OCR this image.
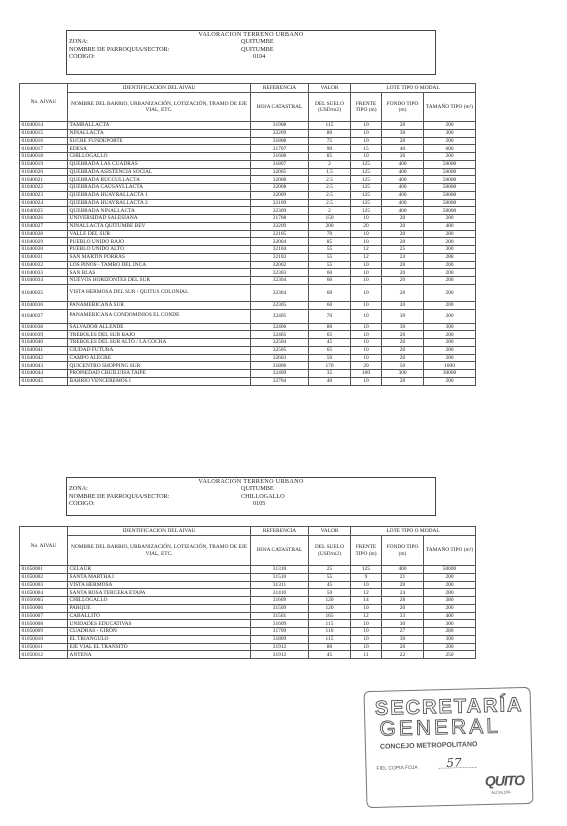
VALORACION TERRENO URBANO
ZONA:	QUITUMBE
NOMBRE DE PARROQUIA/SECTOR:	QUITUMBE
CODIGO:	0104
No. AIVAU	IDENTIFICACION DEL AIVAU	REFERENCIA	VALOR	LOTE TIPO O MODAL		
	NOMBRE DEL BARRIO, URBANIZACIÓN, LOTIZACIÓN, TRAMO DE EJE VIAL, ETC.	HOJA CATASTRAL	DEL SUELO (USD/m2)	FRENTE TIPO (m)	FONDO TIPO (m)	TAMAÑO TIPO (m²)
01040014	TAMBALLACTA	31908	115	10	20	200
01040015	NINALLACTA	32209	80	10	30	300
01040016	SUCRE FUNDEPORTE	31808	75	10	20	200
01040017	EDESA	31707	90	15	40	600
01040018	CHILLOGALLO	31608	85	10	20	200
01040019	QUEBRADA LAS CUADRAS	31807	2	125	400	50000
01040020	QUEBRADA ASISTENCIA SOCIAL	32005	1.5	125	400	50000
01040021	QUEBRADA RUCCULLACTA	32008	2.5	125	400	50000
01040022	QUEBRADA CAUSAYLLACTA	32008	2.5	125	400	50000
01040023	QUEBRADA HUAYRALLACTA 1	32009	2.5	125	400	50000
01040024	QUEBRADA HUAYRALLACTA 2	32109	2.5	125	400	50000
01040025	QUEBRADA NINALLACTA	32309	2	125	400	50000
01040026	UNIVERSIDAD SALESIANA	31708	150	10	20	200
01040027	NINALLACTA QUITUMBE BEV	32209	200	20	20	400
01040028	VALLE DEL SUR	32105	70	10	20	200
01040029	PUEBLO UNIDO BAJO	32004	85	10	20	200
01040030	PUEBLO UNIDO ALTO	32104	55	12	25	300
01040031	SAN MARTIN PORRAS	32103	55	12	24	288
01040032	LOS PINOS - TAMBO DEL INCA	32002	55	10	20	200
01040033	SAN BLAS	32303	60	10	20	200
01040034	NUEVOS HORIZONTES DEL SUR	32304	60	10	20	200
01040035	VISTA HERMOSA DEL SUR / QUITUS COLONIAL	32304	60	10	20	200
01040036	PANAMERICANA SUR	32305	60	10	20	200
01040037	PANAMERICANA CONDOMINIOS EL CONDE	32405	70	10	30	300
01040038	SALVADOR ALLENDE	32406	80	10	30	300
01040039	TREBOLES DEL SUR BAJO	32405	65	10	20	200
01040040	TREBOLES DEL SUR ALTO / LA COCHA	32504	45	10	20	200
01040041	CIUDAD FUTURA	32505	65	10	20	200
01040042	CAMPO ALEGRE	32603	50	10	20	200
01040043	QUICENTRO SHOPPING SUR	31806	170	20	50	1000
01040044	PROPIEDAD CHUILUISA TAIPE	32409	35	100	300	30000
01040045	BARRIO VENCEREMOS I	32704	40	10	20	200
VALORACION TERRENO URBANO
ZONA:	QUITUMBE
NOMBRE DE PARROQUIA/SECTOR:	CHILLOGALLO
CODIGO:	0105
No. AIVAU	IDENTIFICACION DEL AIVAU	REFERENCIA	VALOR	LOTE TIPO O MODAL		
	NOMBRE DEL BARRIO, URBANIZACIÓN, LOTIZACIÓN, TRAMO DE EJE VIAL, ETC.	HOJA CATASTRAL	DEL SUELO (USD/m2)	FRENTE TIPO (m)	FONDO TIPO (m)	TAMAÑO TIPO (m²)
01050001	CELAUR	31310	25	125	400	50000
01050002	SANTA MARTHA I	31510	55	9	21	200
01050003	VISTA HERMOSA	31311	45	10	20	200
01050004	SANTA ROSA TERCERA ETAPA	31410	50	12	24	280
01050005	CHILLOGALLO	31609	120	14	28	380
01050006	PARQUE	31509	120	10	20	200
01050007	CABALLITO	31501	165	12	33	400
01050008	UNIDADES EDUCATIVAS	31609	115	10	30	300
01050009	CUADRAS - GIRON	31709	110	10	27	280
01050010	EL TRIANGULO	31809	115	10	30	300
01050011	EJE VIAL EL TRANSITO	31912	80	10	20	200
01050012	ANTENA	31912	45	11	22	250
SECRETARÍA
GENERAL
CONCEJO METROPOLITANO
FIEL COPIA FOJA 57
QUITO
ALCALDÍA
